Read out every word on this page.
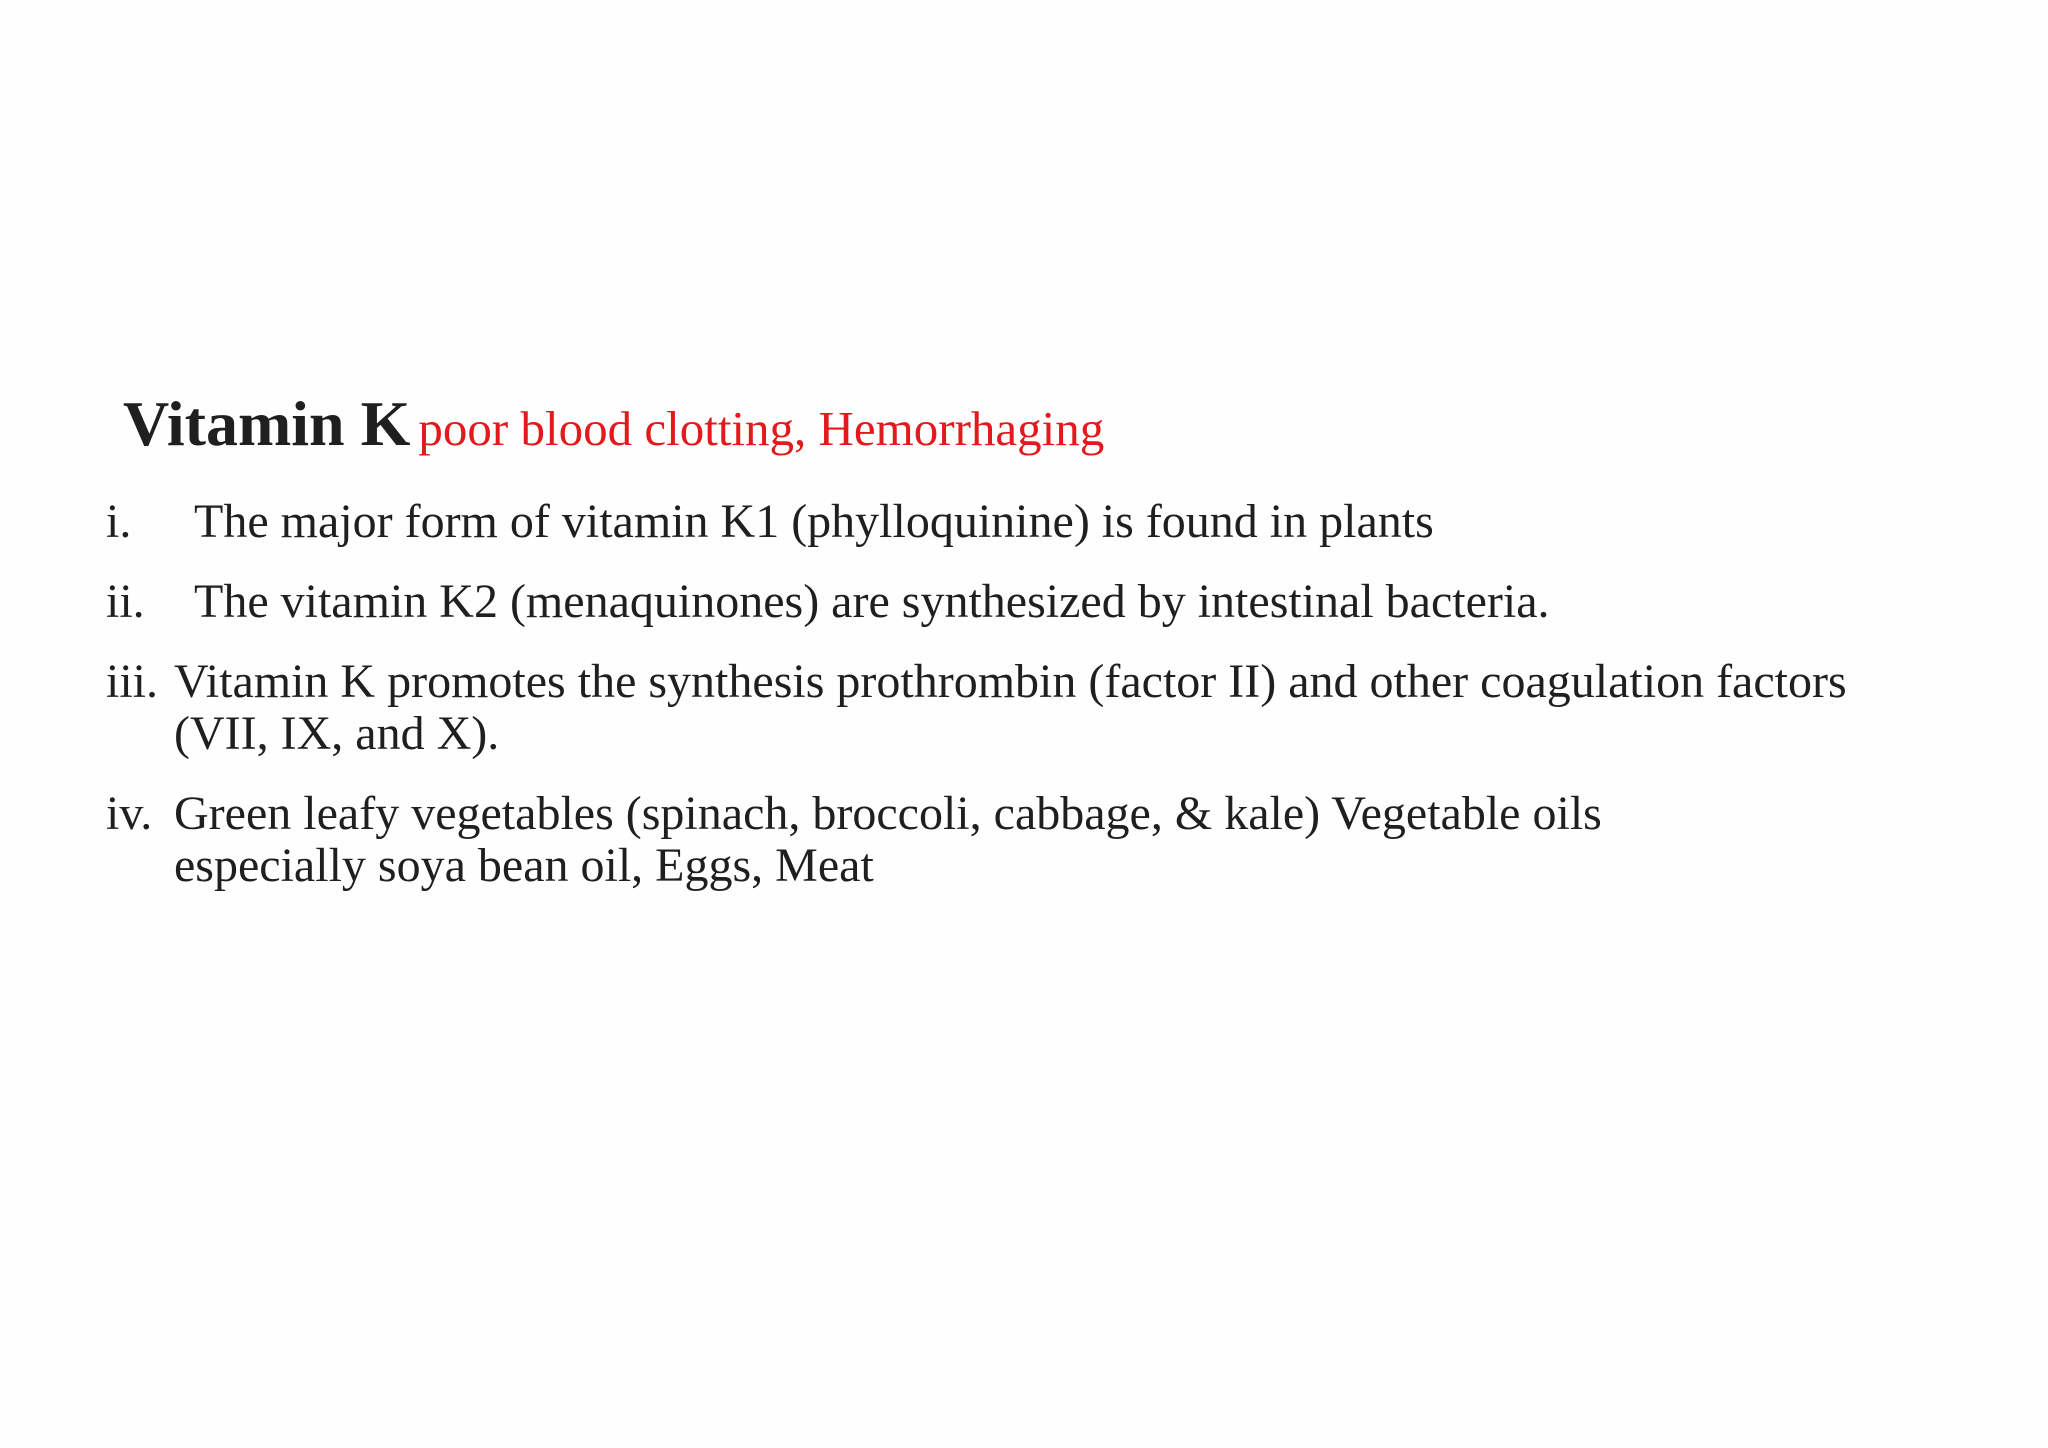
Vitamin K poor blood clotting, Hemorrhaging
i. The major form of vitamin K1 (phylloquinine) is found in plants
ii. The vitamin K2 (menaquinones) are synthesized by intestinal bacteria.
iii. Vitamin K promotes the synthesis prothrombin (factor II) and other coagulation factors (VII, IX, and X).
iv. Green leafy vegetables (spinach, broccoli, cabbage, & kale) Vegetable oils especially soya bean oil, Eggs, Meat
